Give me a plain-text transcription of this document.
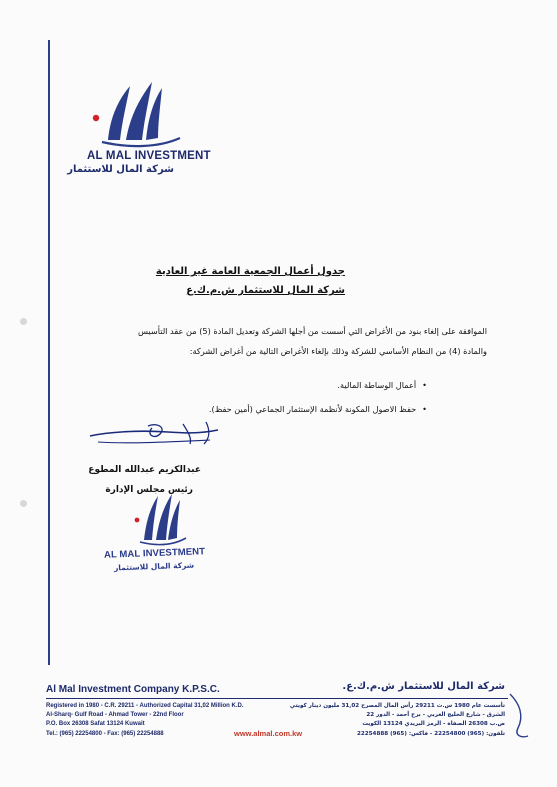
AL MAL INVESTMENT
شركة المال للاستثمار
جدول أعمال الجمعية العامة غير العادية
شركة المال للاستثمار ش.م.ك.ع
الموافقة على إلغاء بنود من الأغراض التي أسست من أجلها الشركة وتعديل المادة (5) من عقد التأسيس
والمادة (4) من النظام الأساسي للشركة وذلك بإلغاء الأغراض التالية من أغراض الشركة:
•أعمال الوساطة المالية.
•حفظ الاصول المكونة لأنظمة الإستثمار الجماعي (أمين حفظ).
عبدالكريم عبدالله المطوع
رئيس مجلس الإدارة
AL MAL INVESTMENT
شركة المال للاستثمار
Al Mal Investment Company K.P.S.C.	شركة المال للاستثمار ش.م.ك.ع.
Registered in 1980 - C.R. 29211 - Authorized Capital 31,02 Million K.D.
Al-Sharq- Gulf Road - Ahmad Tower - 22nd Floor
P.O. Box 26308 Safat 13124 Kuwait
Tel.: (965) 22254800 - Fax: (965) 22254888
تأسست عام 1980 س.ت 29211 رأس المال المصرح 31,02 مليون دينار كويتي
الشرق - شارع الخليج العربي - برج أحمد - الدور 22
ص.ب 26308 الصفاة - الرمز البريدي 13124 الكويت
تلفون: (965) 22254800 - فاكس: (965) 22254888
www.almal.com.kw
